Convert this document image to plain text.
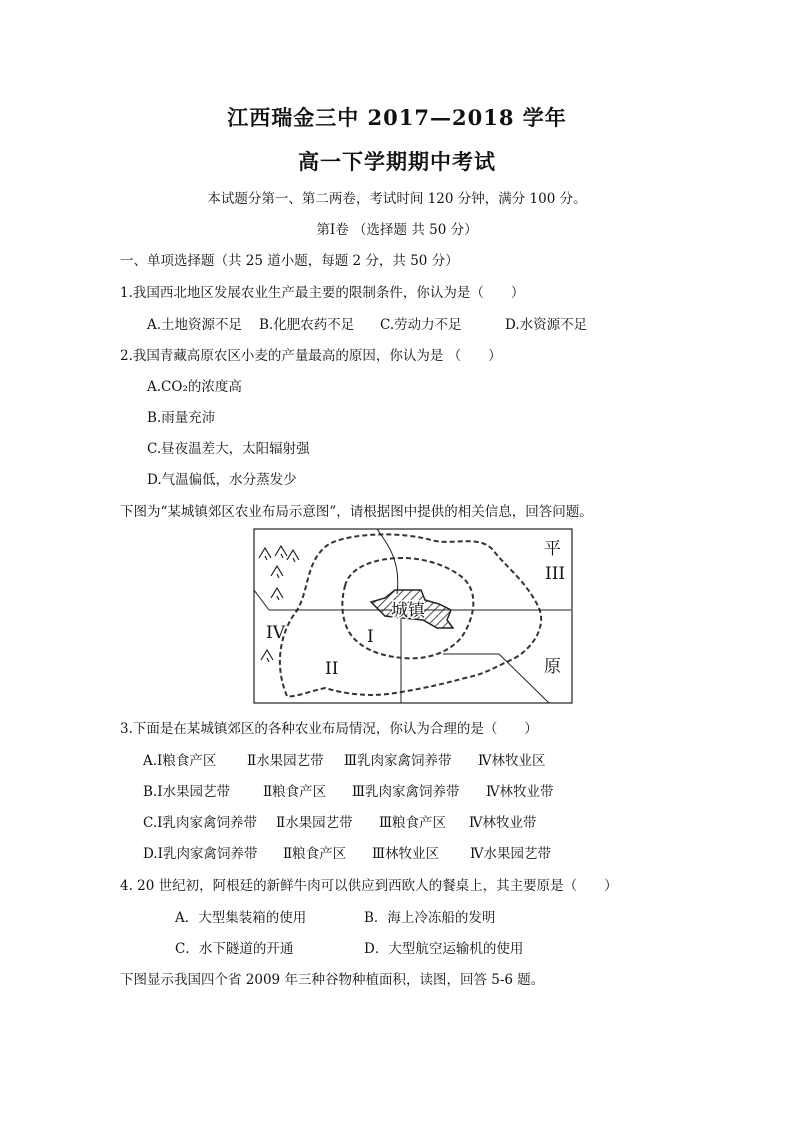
江西瑞金三中 2017—2018 学年
高一下学期期中考试
本试题分第一、第二两卷，考试时间 120 分钟，满分 100 分。
第Ⅰ卷 （选择题 共 50 分）
一、单项选择题（共 25 道小题，每题 2 分，共 50 分）
1.我国西北地区发展农业生产最主要的限制条件，你认为是（　　）
A.土地资源不足 B.化肥农药不足 C.劳动力不足	D.水资源不足
2.我国青藏高原农区小麦的产量最高的原因，你认为是 （　　）
A.CO₂的浓度高
B.雨量充沛
C.昼夜温差大，太阳辐射强
D.气温偏低，水分蒸发少
下图为“某城镇郊区农业布局示意图”，请根据图中提供的相关信息，回答问题。
城镇
IV	I
II
III
平
原
3.下面是在某城镇郊区的各种农业布局情况，你认为合理的是（　　）
A.Ⅰ粮食产区 Ⅱ水果园艺带 Ⅲ乳肉家禽饲养带 Ⅳ林牧业区
B.Ⅰ水果园艺带 Ⅱ粮食产区 Ⅲ乳肉家禽饲养带 Ⅳ林牧业带
C.Ⅰ乳肉家禽饲养带 Ⅱ水果园艺带 Ⅲ粮食产区 Ⅳ林牧业带
D.Ⅰ乳肉家禽饲养带 Ⅱ粮食产区 Ⅲ林牧业区 Ⅳ水果园艺带
4. 20 世纪初，阿根廷的新鲜牛肉可以供应到西欧人的餐桌上，其主要原是（　　）
A．大型集装箱的使用	B．海上冷冻船的发明
C．水下隧道的开通	D．大型航空运输机的使用
下图显示我国四个省 2009 年三种谷物种植面积，读图，回答 5-6 题。
